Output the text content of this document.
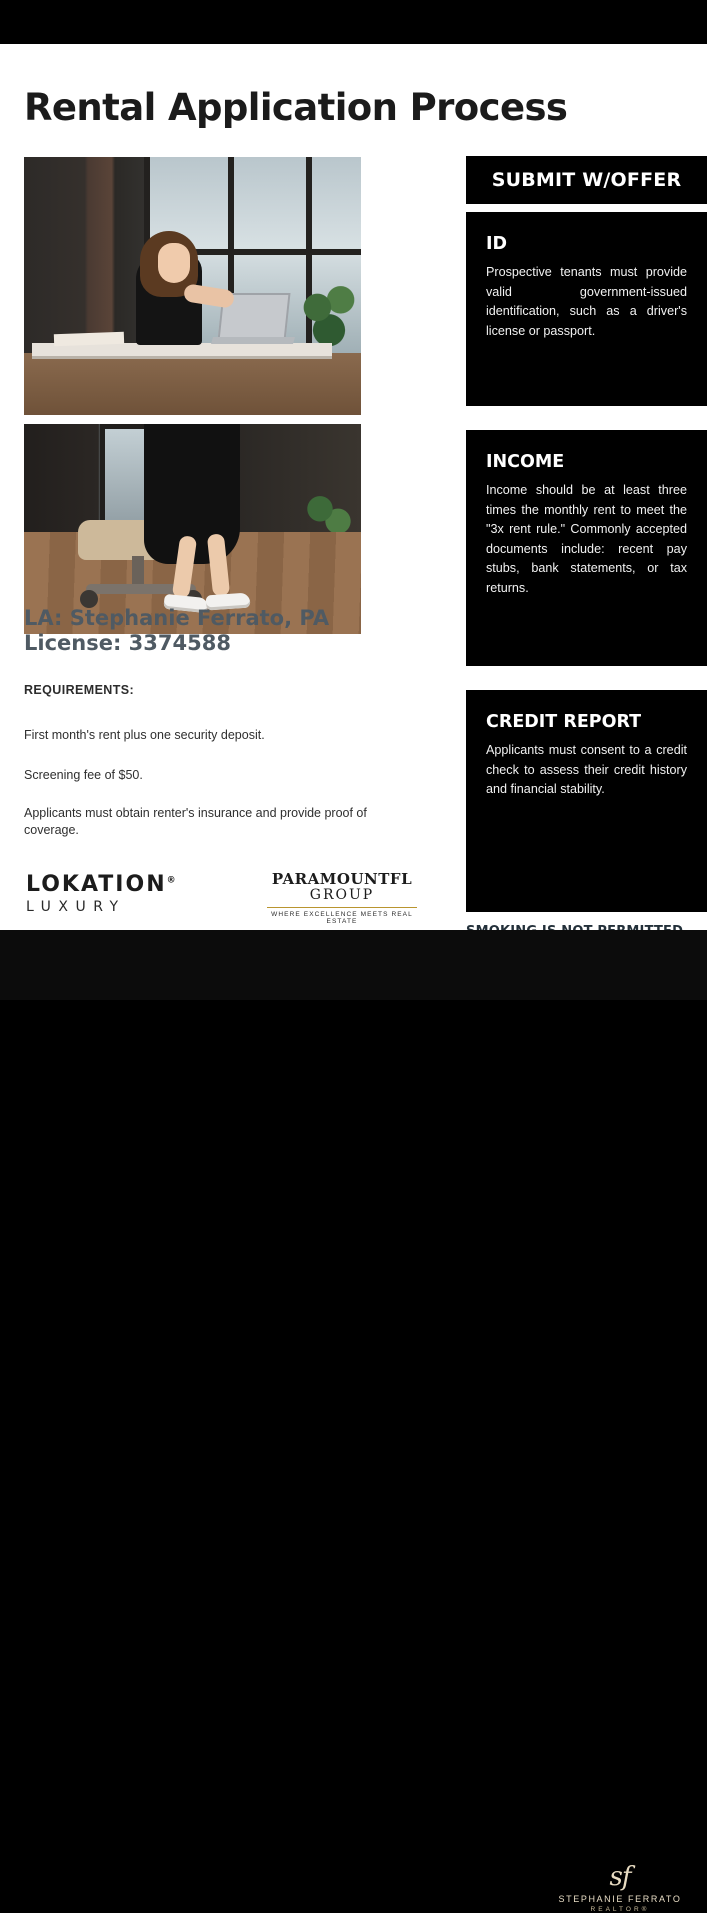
Rental Application Process
LA: Stephanie Ferrato, PA
License: 3374588
REQUIREMENTS:
First month's rent plus one security deposit.
Screening fee of $50.
Applicants must obtain renter's insurance and provide proof of coverage.
LOKATION®
LUXURY
PARAMOUNTFL
GROUP
WHERE EXCELLENCE MEETS REAL ESTATE
SUBMIT W/OFFER
ID
Prospective tenants must provide valid government-issued identification, such as a driver's license or passport.
INCOME
Income should be at least three times the monthly rent to meet the "3x rent rule." Commonly accepted documents include: recent pay stubs, bank statements, or tax returns.
CREDIT REPORT
Applicants must consent to a credit check to assess their credit history and financial stability.
sf
STEPHANIE FERRATO
REALTOR®
